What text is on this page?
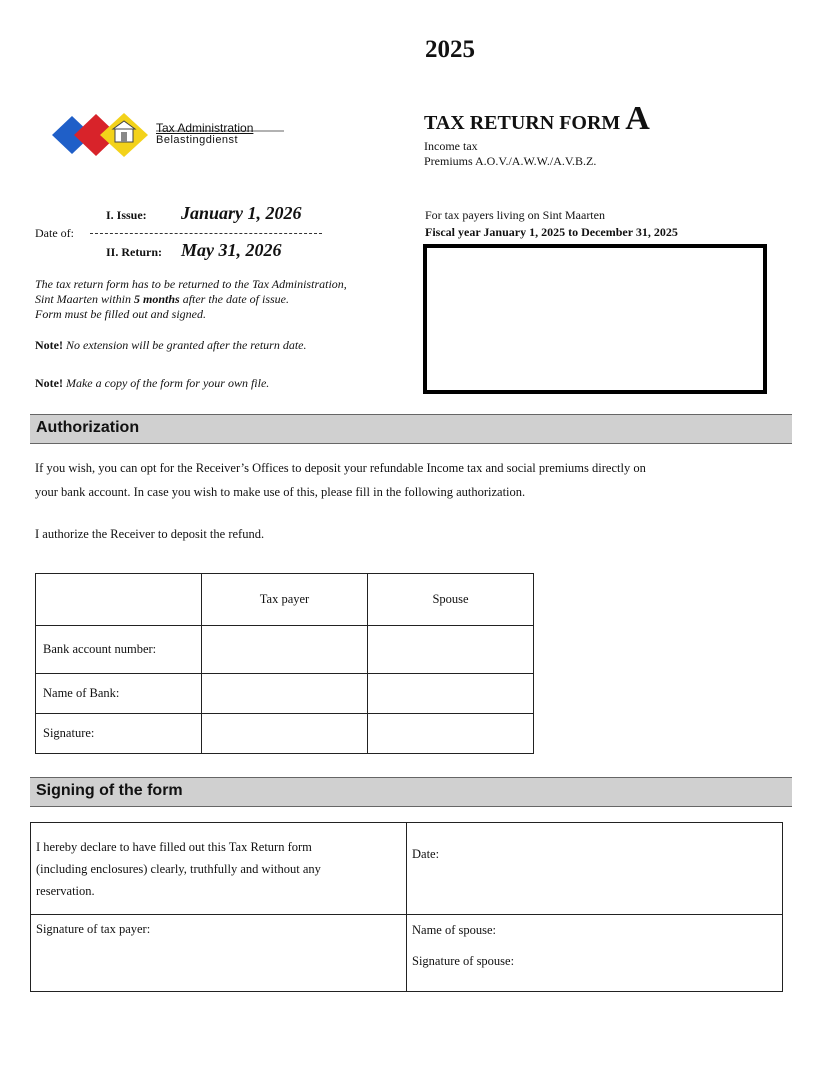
2025
Tax Administration
Belastingdienst
TAX RETURN FORM A
Income tax
Premiums A.O.V./A.W.W./A.V.B.Z.
I. Issue: January 1, 2026
Date of:
II. Return: May 31, 2026
For tax payers living on Sint Maarten
Fiscal year January 1, 2025 to December 31, 2025
The tax return form has to be returned to the Tax Administration,
Sint Maarten within 5 months after the date of issue.
Form must be filled out and signed.
Note! No extension will be granted after the return date.
Note! Make a copy of the form for your own file.
Authorization
If you wish, you can opt for the Receiver’s Offices to deposit your refundable Income tax and social premiums directly on
your bank account. In case you wish to make use of this, please fill in the following authorization.
I authorize the Receiver to deposit the refund.
	Tax payer	Spouse
Bank account number:		
Name of Bank:		
Signature:		
Signing of the form
I hereby declare to have filled out this Tax Return form
(including enclosures) clearly, truthfully and without any
reservation.	Date:

Signature of tax payer:	Name of spouse:
Signature of spouse:
